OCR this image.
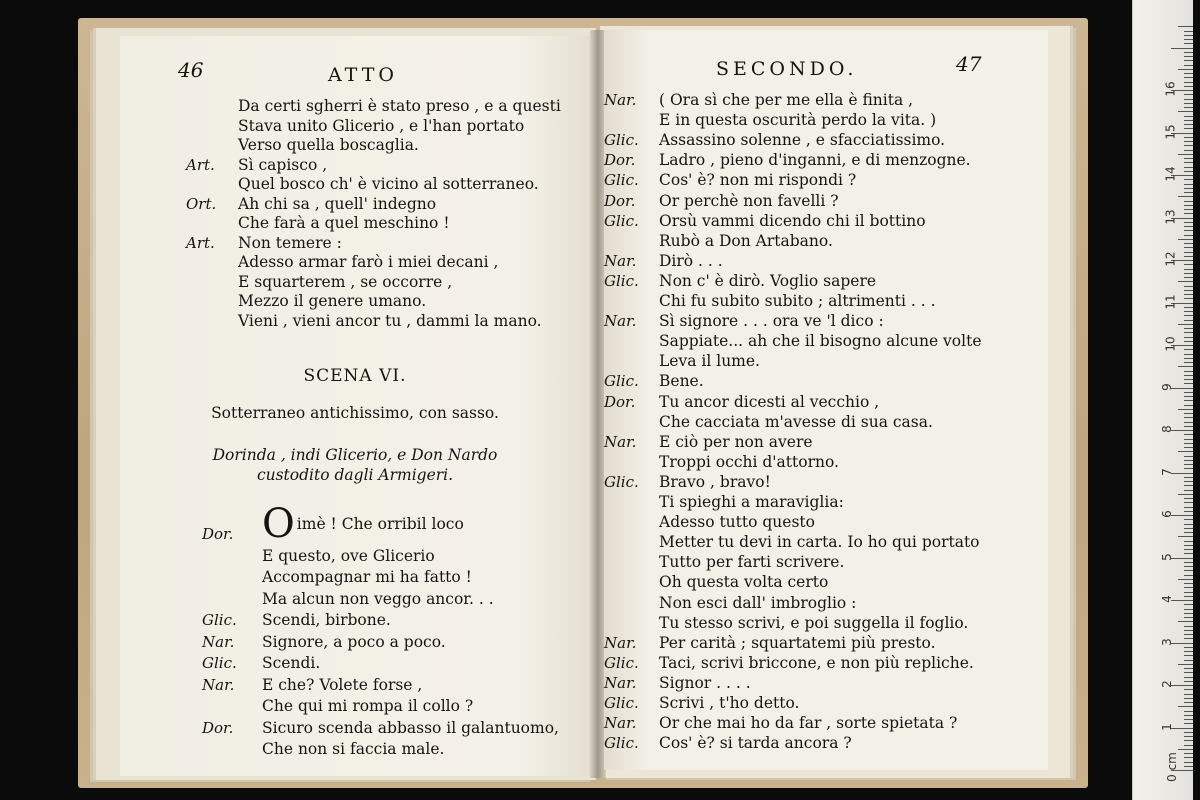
46	ATTO
Da certi sgherri è stato preso , e a questi
Stava unito Glicerio , e l'han portato
Verso quella boscaglia.
Art. Sì capisco ,
Quel bosco ch' è vicino al sotterraneo.
Ort. Ah chi sa , quell' indegno
Che farà a quel meschino !
Art. Non temere :
Adesso armar farò i miei decani ,
E squarterem , se occorre ,
Mezzo il genere umano.
Vieni , vieni ancor tu , dammi la mano.
SCENA VI.
Sotterraneo antichissimo, con sasso.
Dorinda , indi Glicerio, e Don Nardo
custodito dagli Armigeri.
Dor. Oimè ! Che orribil loco
E questo, ove Glicerio
Accompagnar mi ha fatto !
Ma alcun non veggo ancor. . .
Glic. Scendi, birbone.
Nar. Signore, a poco a poco.
Glic. Scendi.
Nar. E che? Volete forse ,
Che qui mi rompa il collo ?
Dor. Sicuro scenda abbasso il galantuomo,
Che non si faccia male.
SECONDO.	47
Nar. ( Ora sì che per me ella è finita ,
E in questa oscurità perdo la vita. )
Glic. Assassino solenne , e sfacciatissimo.
Dor. Ladro , pieno d'inganni, e di menzogne.
Glic. Cos' è? non mi rispondi ?
Dor. Or perchè non favelli ?
Glic. Orsù vammi dicendo chi il bottino
Rubò a Don Artabano.
Nar. Dirò . . .
Glic. Non c' è dirò. Voglio sapere
Chi fu subito subito ; altrimenti . . .
Nar. Sì signore . . . ora ve 'l dico :
Sappiate... ah che il bisogno alcune volte
Leva il lume.
Glic. Bene.
Dor. Tu ancor dicesti al vecchio ,
Che cacciata m'avesse di sua casa.
Nar. E ciò per non avere
Troppi occhi d'attorno.
Glic. Bravo , bravo!
Ti spieghi a maraviglia:
Adesso tutto questo
Metter tu devi in carta. Io ho qui portato
Tutto per farti scrivere.
Oh questa volta certo
Non esci dall' imbroglio :
Tu stesso scrivi, e poi suggella il foglio.
Nar. Per carità ; squartatemi più presto.
Glic. Taci, scrivi briccone, e non più repliche.
Nar. Signor . . . .
Glic. Scrivi , t'ho detto.
Nar. Or che mai ho da far , sorte spietata ?
Glic. Cos' è? si tarda ancora ?
0 cm
1
2
3
4
5
6
7
8
9
10
11
12
13
14
15
16
